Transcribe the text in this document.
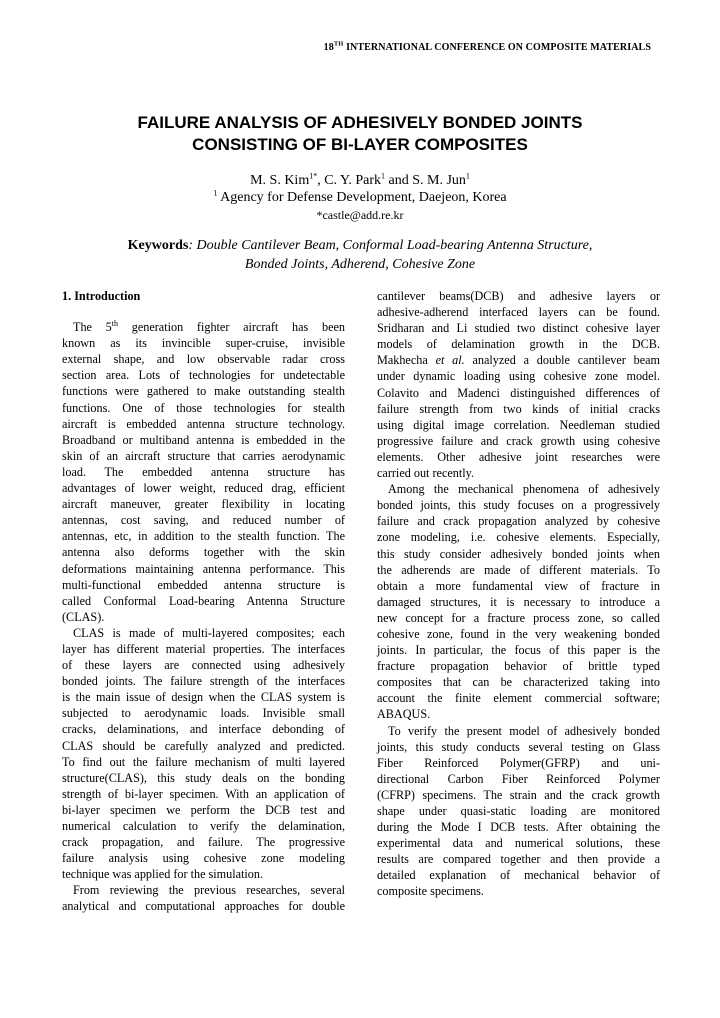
18TH INTERNATIONAL CONFERENCE ON COMPOSITE MATERIALS
FAILURE ANALYSIS OF ADHESIVELY BONDED JOINTS
CONSISTING OF BI-LAYER COMPOSITES
M. S. Kim$^{1*}$, C. Y. Park$^1$ and S. M. Jun$^1$
$^1$ Agency for Defense Development, Daejeon, Korea
*castle@add.re.kr
Keywords: Double Cantilever Beam, Conformal Load-bearing Antenna Structure,
Bonded Joints, Adherend, Cohesive Zone
1. Introduction
The 5th generation fighter aircraft has been
known as its invincible super-cruise, invisible
external shape, and low observable radar cross
section area. Lots of technologies for undetectable
functions were gathered to make outstanding stealth
functions. One of those technologies for stealth
aircraft is embedded antenna structure technology.
Broadband or multiband antenna is embedded in the
skin of an aircraft structure that carries aerodynamic
load. The embedded antenna structure has
advantages of lower weight, reduced drag, efficient
aircraft maneuver, greater flexibility in locating
antennas, cost saving, and reduced number of
antennas, etc, in addition to the stealth function. The
antenna also deforms together with the skin
deformations maintaining antenna performance. This
multi-functional embedded antenna structure is
called Conformal Load-bearing Antenna Structure
(CLAS).
CLAS is made of multi-layered composites; each
layer has different material properties. The interfaces
of these layers are connected using adhesively
bonded joints. The failure strength of the interfaces
is the main issue of design when the CLAS system is
subjected to aerodynamic loads. Invisible small
cracks, delaminations, and interface debonding of
CLAS should be carefully analyzed and predicted.
To find out the failure mechanism of multi layered
structure(CLAS), this study deals on the bonding
strength of bi-layer specimen. With an application of
bi-layer specimen we perform the DCB test and
numerical calculation to verify the delamination,
crack propagation, and failure. The progressive
failure analysis using cohesive zone modeling
technique was applied for the simulation.
From reviewing the previous researches, several
analytical and computational approaches for double
cantilever beams(DCB) and adhesive layers or
adhesive-adherend interfaced layers can be found.
Sridharan and Li studied two distinct cohesive layer
models of delamination growth in the DCB.
Makhecha et al. analyzed a double cantilever beam
under dynamic loading using cohesive zone model.
Colavito and Madenci distinguished differences of
failure strength from two kinds of initial cracks
using digital image correlation. Needleman studied
progressive failure and crack growth using cohesive
elements. Other adhesive joint researches were
carried out recently.
Among the mechanical phenomena of adhesively
bonded joints, this study focuses on a progressively
failure and crack propagation analyzed by cohesive
zone modeling, i.e. cohesive elements. Especially,
this study consider adhesively bonded joints when
the adherends are made of different materials. To
obtain a more fundamental view of fracture in
damaged structures, it is necessary to introduce a
new concept for a fracture process zone, so called
cohesive zone, found in the very weakening bonded
joints. In particular, the focus of this paper is the
fracture propagation behavior of brittle typed
composites that can be characterized taking into
account the finite element commercial software;
ABAQUS.
To verify the present model of adhesively bonded
joints, this study conducts several testing on Glass
Fiber Reinforced Polymer(GFRP) and uni-
directional Carbon Fiber Reinforced Polymer
(CFRP) specimens. The strain and the crack growth
shape under quasi-static loading are monitored
during the Mode I DCB tests. After obtaining the
experimental data and numerical solutions, these
results are compared together and then provide a
detailed explanation of mechanical behavior of
composite specimens.
